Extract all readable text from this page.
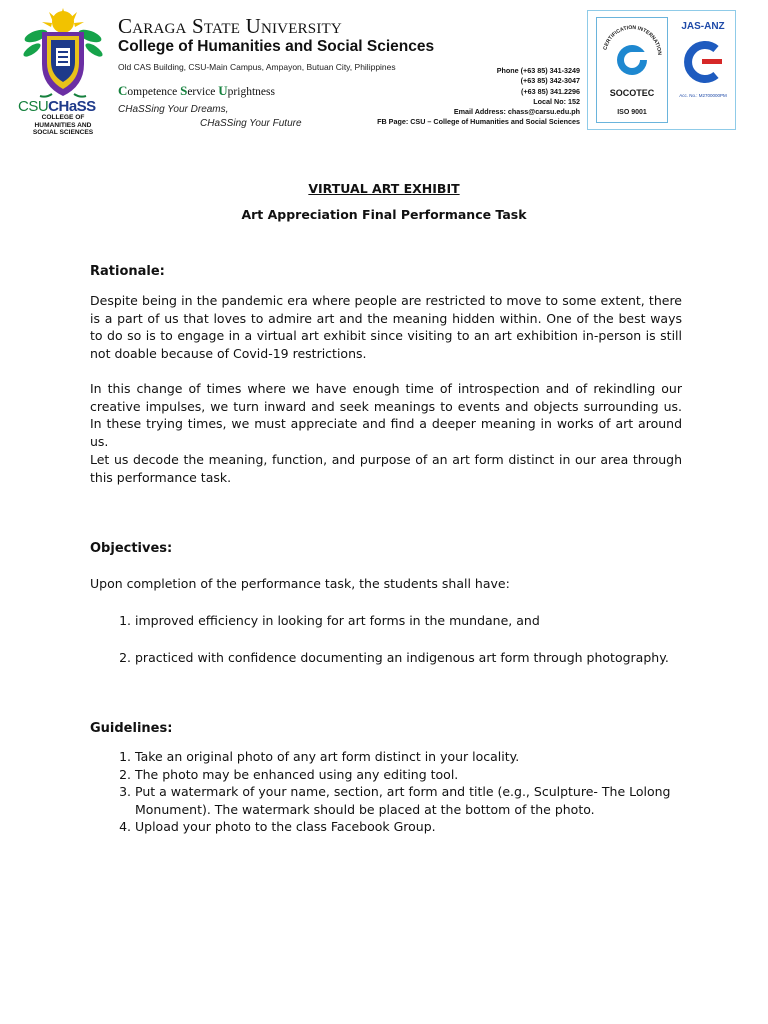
CSUCHaSS
COLLEGE OF HUMANITIES AND SOCIAL SCIENCES
Caraga State University
College of Humanities and Social Sciences
Old CAS Building, CSU-Main Campus, Ampayon, Butuan City, Philippines
Competence Service Uprightness
CHaSSing Your Dreams,
CHaSSing Your Future
Phone (+63 85) 341-3249
(+63 85) 342-3047
(+63 85) 341.2296
Local No: 152
Email Address: chass@carsu.edu.ph
FB Page: CSU – College of Humanities and Social Sciences
CERTIFICATION INTERNATION
SOCOTEC
ISO 9001
JAS-ANZ
Acc. No.: M2700000PM
VIRTUAL ART EXHIBIT
Art Appreciation Final Performance Task
Rationale:

Despite being in the pandemic era where people are restricted to move to some extent, there is a part of us that loves to admire art and the meaning hidden within. One of the best ways to do so is to engage in a virtual art exhibit since visiting to an art exhibition in-person is still not doable because of Covid-19 restrictions.

In this change of times where we have enough time of introspection and of rekindling our creative impulses, we turn inward and seek meanings to events and objects surrounding us. In these trying times, we must appreciate and find a deeper meaning in works of art around us.

Let us decode the meaning, function, and purpose of an art form distinct in our area through this performance task.

Objectives:

Upon completion of the performance task, the students shall have:

1. improved efficiency in looking for art forms in the mundane, and
2. practiced with confidence documenting an indigenous art form through photography.
Guidelines:
1. Take an original photo of any art form distinct in your locality.
2. The photo may be enhanced using any editing tool.
3. Put a watermark of your name, section, art form and title (e.g., Sculpture- The Lolong Monument). The watermark should be placed at the bottom of the photo.
4. Upload your photo to the class Facebook Group.
